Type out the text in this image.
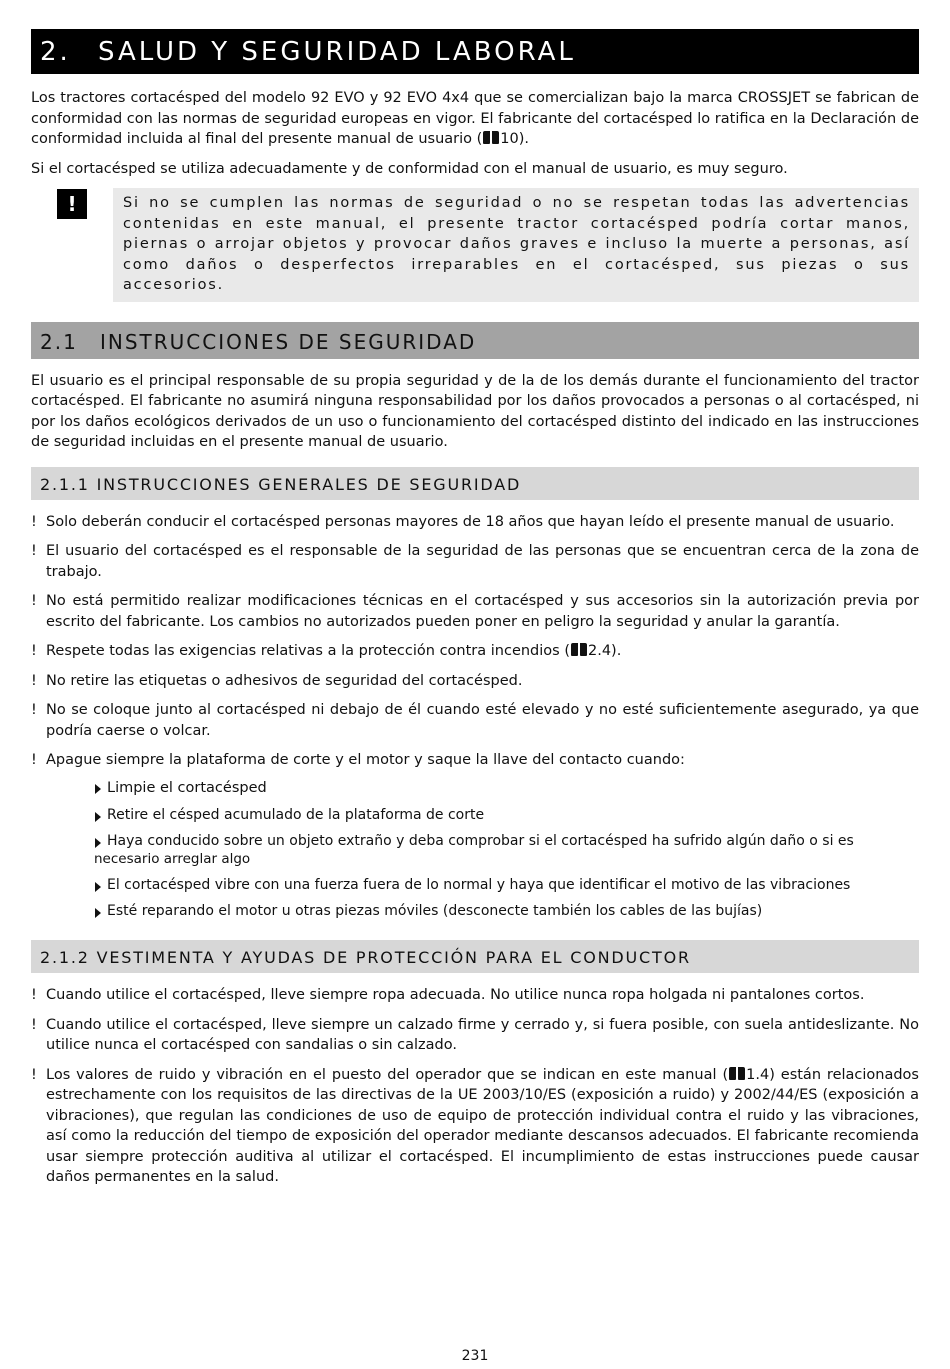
2. SALUD Y SEGURIDAD LABORAL

Los tractores cortacésped del modelo 92 EVO y 92 EVO 4x4 que se comercializan bajo la marca CROSSJET se fabrican de conformidad con las normas de seguridad europeas en vigor. El fabricante del cortacésped lo ratifica en la Declaración de conformidad incluida al final del presente manual de usuario ( 10).

Si el cortacésped se utiliza adecuadamente y de conformidad con el manual de usuario, es muy seguro.

!	Si no se cumplen las normas de seguridad o no se respetan todas las advertencias contenidas en este manual, el presente tractor cortacésped podría cortar manos, piernas o arrojar objetos y provocar daños graves e incluso la muerte a personas, así como daños o desperfectos irreparables en el cortacésped, sus piezas o sus accesorios.
2.1 INSTRUCCIONES DE SEGURIDAD

El usuario es el principal responsable de su propia seguridad y de la de los demás durante el funcionamiento del tractor cortacésped. El fabricante no asumirá ninguna responsabilidad por los daños provocados a personas o al cortacésped, ni por los daños ecológicos derivados de un uso o funcionamiento del cortacésped distinto del indicado en las instrucciones de seguridad incluidas en el presente manual de usuario.

2.1.1 INSTRUCCIONES GENERALES DE SEGURIDAD
! Solo deberán conducir el cortacésped personas mayores de 18 años que hayan leído el presente manual de usuario.
! El usuario del cortacésped es el responsable de la seguridad de las personas que se encuentran cerca de la zona de trabajo.
! No está permitido realizar modificaciones técnicas en el cortacésped y sus accesorios sin la autorización previa por escrito del fabricante. Los cambios no autorizados pueden poner en peligro la seguridad y anular la garantía.
! Respete todas las exigencias relativas a la protección contra incendios ( 2.4).
! No retire las etiquetas o adhesivos de seguridad del cortacésped.
! No se coloque junto al cortacésped ni debajo de él cuando esté elevado y no esté suficientemente asegurado, ya que podría caerse o volcar.
! Apague siempre la plataforma de corte y el motor y saque la llave del contacto cuando:
Limpie el cortacésped
Retire el césped acumulado de la plataforma de corte
Haya conducido sobre un objeto extraño y deba comprobar si el cortacésped ha sufrido algún daño o si es
necesario arreglar algo
El cortacésped vibre con una fuerza fuera de lo normal y haya que identificar el motivo de las vibraciones
Esté reparando el motor u otras piezas móviles (desconecte también los cables de las bujías)
2.1.2 VESTIMENTA Y AYUDAS DE PROTECCIÓN PARA EL CONDUCTOR
! Cuando utilice el cortacésped, lleve siempre ropa adecuada. No utilice nunca ropa holgada ni pantalones cortos.
! Cuando utilice el cortacésped, lleve siempre un calzado firme y cerrado y, si fuera posible, con suela antideslizante. No utilice nunca el cortacésped con sandalias o sin calzado.
! Los valores de ruido y vibración en el puesto del operador que se indican en este manual ( 1.4) están relacionados estrechamente con los requisitos de las directivas de la UE 2003/10/ES (exposición a ruido) y 2002/44/ES (exposición a vibraciones), que regulan las condiciones de uso de equipo de protección individual contra el ruido y las vibraciones, así como la reducción del tiempo de exposición del operador mediante descansos adecuados. El fabricante recomienda usar siempre protección auditiva al utilizar el cortacésped. El incumplimiento de estas instrucciones puede causar daños permanentes en la salud.
231
